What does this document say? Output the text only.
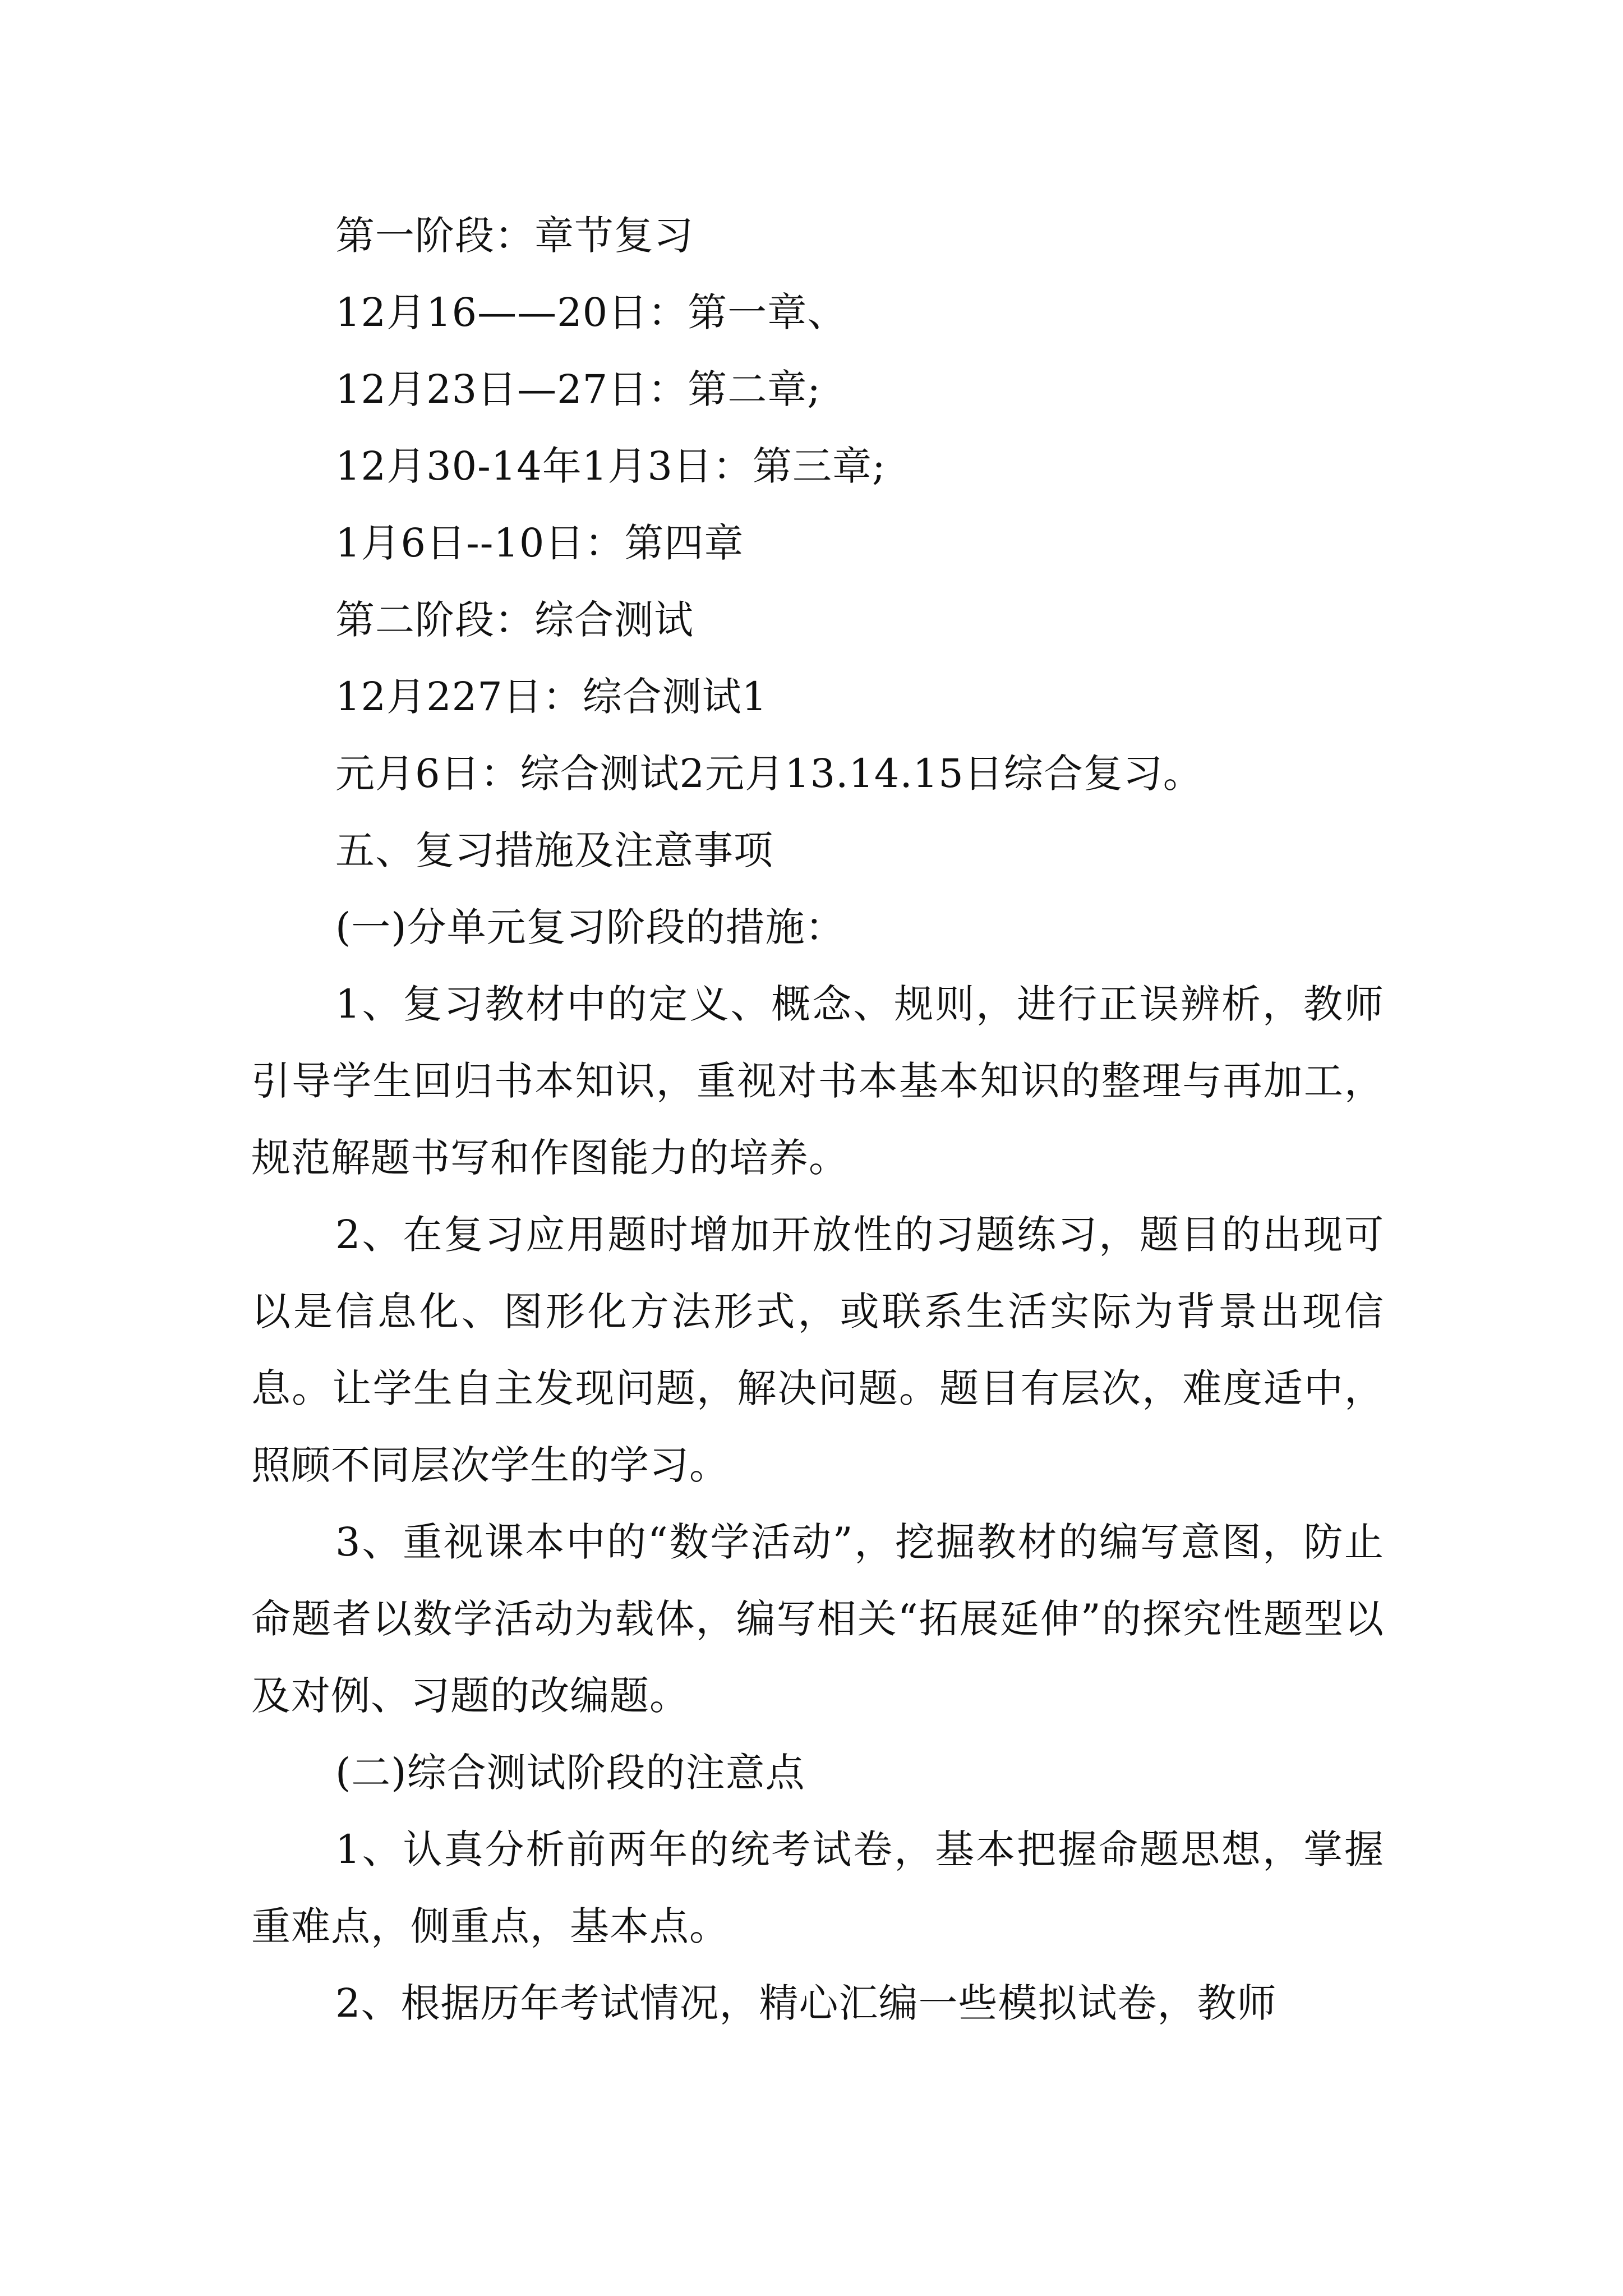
第一阶段：章节复习

12月16——20日：第一章、

12月23日—27日：第二章;

12月30-14年1月3日：第三章;

1月6日--10日：第四章

第二阶段：综合测试

12月227日：综合测试1

元月6日：综合测试2元月13.14.15日综合复习。

五、复习措施及注意事项

(一)分单元复习阶段的措施：

1、复习教材中的定义、概念、规则，进行正误辨析，教师引导学生回归书本知识，重视对书本基本知识的整理与再加工，规范解题书写和作图能力的培养。

2、在复习应用题时增加开放性的习题练习，题目的出现可以是信息化、图形化方法形式，或联系生活实际为背景出现信息。让学生自主发现问题，解决问题。题目有层次，难度适中，照顾不同层次学生的学习。

3、重视课本中的“数学活动”，挖掘教材的编写意图，防止命题者以数学活动为载体，编写相关“拓展延伸”的探究性题型以及对例、习题的改编题。

(二)综合测试阶段的注意点

1、认真分析前两年的统考试卷，基本把握命题思想，掌握重难点，侧重点，基本点。

2、根据历年考试情况，精心汇编一些模拟试卷，教师
